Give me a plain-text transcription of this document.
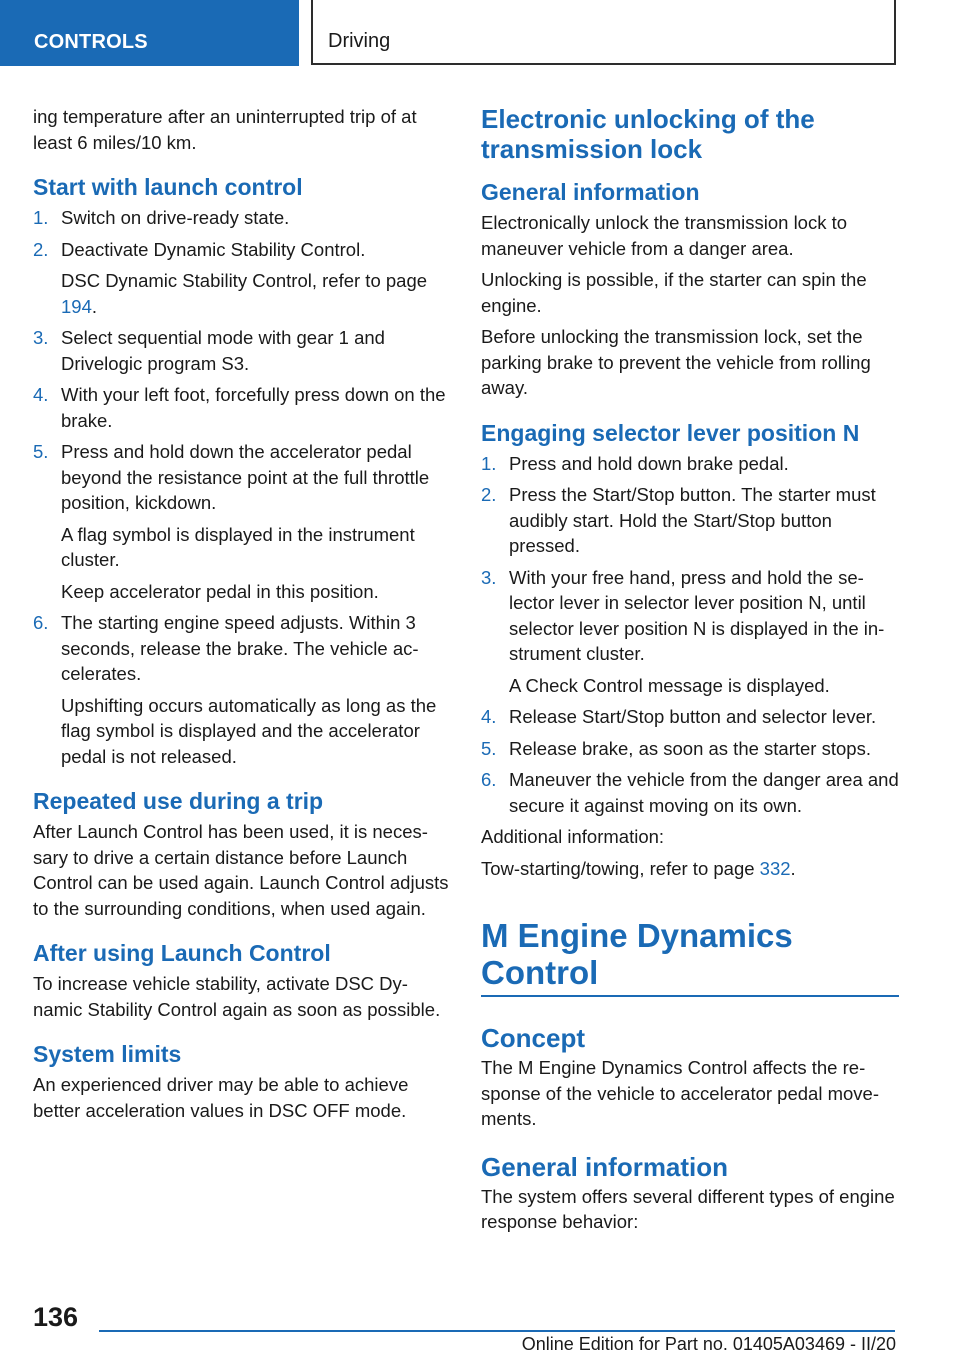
CONTROLS	Driving

ing temperature after an uninterrupted trip of at least 6 miles/10 km.

Start with launch control
1. Switch on drive-ready state.
2. Deactivate Dynamic Stability Control.
DSC Dynamic Stability Control, refer to page 194.
3. Select sequential mode with gear 1 and Drivelogic program S3.
4. With your left foot, forcefully press down on the brake.
5. Press and hold down the accelerator pedal beyond the resistance point at the full throttle position, kickdown.
A flag symbol is displayed in the instrument cluster.
Keep accelerator pedal in this position.
6. The starting engine speed adjusts. Within 3 seconds, release the brake. The vehicle accelerates.
Upshifting occurs automatically as long as the flag symbol is displayed and the accelerator pedal is not released.
Repeated use during a trip

After Launch Control has been used, it is necessary to drive a certain distance before Launch Control can be used again. Launch Control adjusts to the surrounding conditions, when used again.

After using Launch Control

To increase vehicle stability, activate DSC Dynamic Stability Control again as soon as possible.

System limits

An experienced driver may be able to achieve better acceleration values in DSC OFF mode.

Electronic unlocking of the transmission lock
General information

Electronically unlock the transmission lock to maneuver vehicle from a danger area.

Unlocking is possible, if the starter can spin the engine.

Before unlocking the transmission lock, set the parking brake to prevent the vehicle from rolling away.

Engaging selector lever position N
1. Press and hold down brake pedal.
2. Press the Start/Stop button. The starter must audibly start. Hold the Start/Stop button pressed.
3. With your free hand, press and hold the selector lever in selector lever position N, until selector lever position N is displayed in the instrument cluster.
A Check Control message is displayed.
4. Release Start/Stop button and selector lever.
5. Release brake, as soon as the starter stops.
6. Maneuver the vehicle from the danger area and secure it against moving on its own.

Additional information:

Tow-starting/towing, refer to page 332.

M Engine Dynamics Control
Concept

The M Engine Dynamics Control affects the response of the vehicle to accelerator pedal movements.

General information

The system offers several different types of engine response behavior:

136
Online Edition for Part no. 01405A03469 - II/20
